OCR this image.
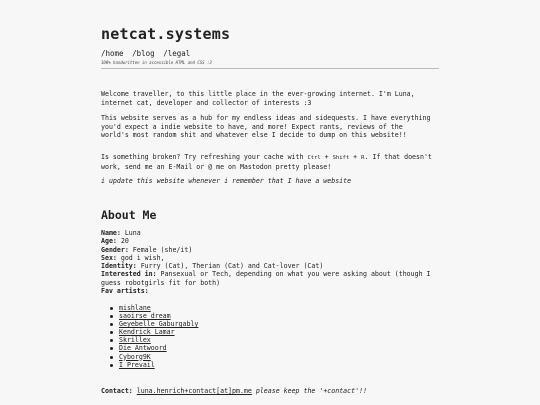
netcat.systems
/home /blog /legal
100% handwritten in accessible HTML and CSS :3

Welcome traveller, to this little place in the ever-growing internet. I'm Luna, internet cat, developer and collector of interests :3

This website serves as a hub for my endless ideas and sidequests. I have everything you'd expect a indie website to have, and more! Expect rants, reviews of the world's most random shit and whatever else I decide to dump on this website!!

Is something broken? Try refreshing your cache with Ctrl + Shift + R. If that doesn't work, send me an E-Mail or @ me on Mastodon pretty please!

i update this website whenever i remember that I have a website

About Me
Name: Luna
Age: 20
Gender: Female (she/it)
Sex: god i wish,
Identity: Furry (Cat), Therian (Cat) and Cat-lover (Cat)
Interested in: Pansexual or Tech, depending on what you were asking about (though I guess robotgirls fit for both)
Fav artists:
mishlane
saoirse dream
Geyebelle Gaburgably
Kendrick Lamar
Skrillex
Die Antwoord
Cyborg9K
I Prevail
Contact: luna.henrich+contact[at]pm.me please keep the '+contact'!!
